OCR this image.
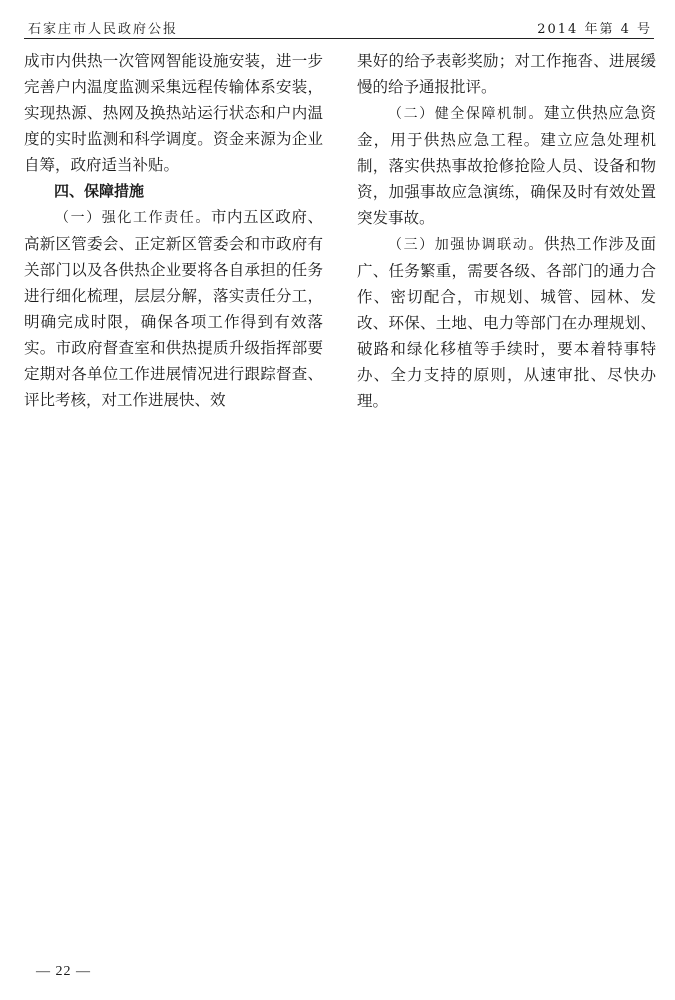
石家庄市人民政府公报	2014 年第 4 号

成市内供热一次管网智能设施安装，进一步完善户内温度监测采集远程传输体系安装，实现热源、热网及换热站运行状态和户内温度的实时监测和科学调度。资金来源为企业自筹，政府适当补贴。

四、保障措施

（一）强化工作责任。市内五区政府、高新区管委会、正定新区管委会和市政府有关部门以及各供热企业要将各自承担的任务进行细化梳理，层层分解，落实责任分工，明确完成时限，确保各项工作得到有效落实。市政府督查室和供热提质升级指挥部要定期对各单位工作进展情况进行跟踪督查、评比考核，对工作进展快、效

果好的给予表彰奖励；对工作拖沓、进展缓慢的给予通报批评。

（二）健全保障机制。建立供热应急资金，用于供热应急工程。建立应急处理机制，落实供热事故抢修抢险人员、设备和物资，加强事故应急演练，确保及时有效处置突发事故。

（三）加强协调联动。供热工作涉及面广、任务繁重，需要各级、各部门的通力合作、密切配合，市规划、城管、园林、发改、环保、土地、电力等部门在办理规划、破路和绿化移植等手续时，要本着特事特办、全力支持的原则，从速审批、尽快办理。

— 22 —
